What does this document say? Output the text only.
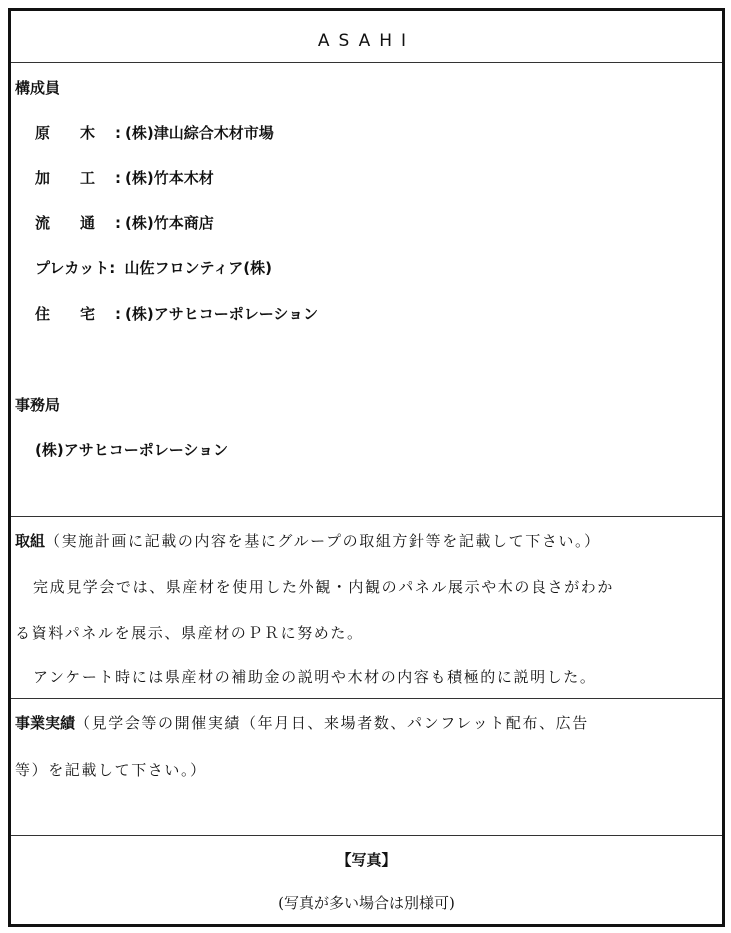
ASAHI
構成員
原　　木 : (株)津山綜合木材市場
加　　工 : (株)竹本木材
流　　通 : (株)竹本商店
プレカット: 山佐フロンティア(株)
住　　宅 : (株)アサヒコーポレーション
事務局
(株)アサヒコーポレーション
取組（実施計画に記載の内容を基にグループの取組方針等を記載して下さい。）
完成見学会では、県産材を使用した外観・内観のパネル展示や木の良さがわか
る資料パネルを展示、県産材のＰＲに努めた。
アンケート時には県産材の補助金の説明や木材の内容も積極的に説明した。
事業実績（見学会等の開催実績（年月日、来場者数、パンフレット配布、広告
等）を記載して下さい。）
【写真】
(写真が多い場合は別様可)
